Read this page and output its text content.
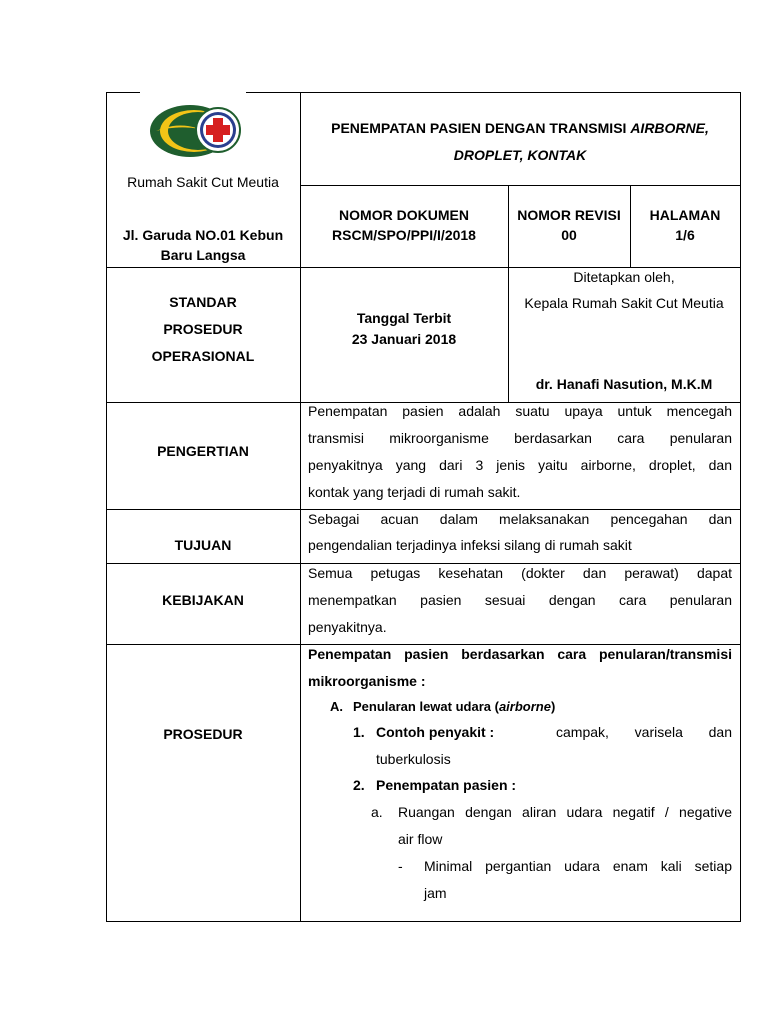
Rumah Sakit Cut Meutia
Jl. Garuda NO.01 Kebun
Baru Langsa
PENEMPATAN PASIEN DENGAN TRANSMISI AIRBORNE,
DROPLET, KONTAK
NOMOR DOKUMEN
RSCM/SPO/PPI/I/2018
NOMOR REVISI
00
HALAMAN
1/6
STANDAR
PROSEDUR
OPERASIONAL
Tanggal Terbit
23 Januari 2018
Ditetapkan oleh,
Kepala Rumah Sakit Cut Meutia
dr. Hanafi Nasution, M.K.M
PENGERTIAN
Penempatan pasien adalah suatu upaya untuk mencegah
transmisi mikroorganisme berdasarkan cara penularan
penyakitnya yang dari 3 jenis yaitu airborne, droplet, dan
kontak yang terjadi di rumah sakit.
TUJUAN
Sebagai acuan dalam melaksanakan pencegahan dan
pengendalian terjadinya infeksi silang di rumah sakit
KEBIJAKAN
Semua petugas kesehatan (dokter dan perawat) dapat
menempatkan pasien sesuai dengan cara penularan
penyakitnya.
PROSEDUR
Penempatan pasien berdasarkan cara penularan/transmisi
mikroorganisme :
A. Penularan lewat udara (airborne)
1. Contoh penyakit :	campak, varisela dan
tuberkulosis
2. Penempatan pasien :
a. Ruangan dengan aliran udara negatif / negative
air flow
- Minimal pergantian udara enam kali setiap
jam
